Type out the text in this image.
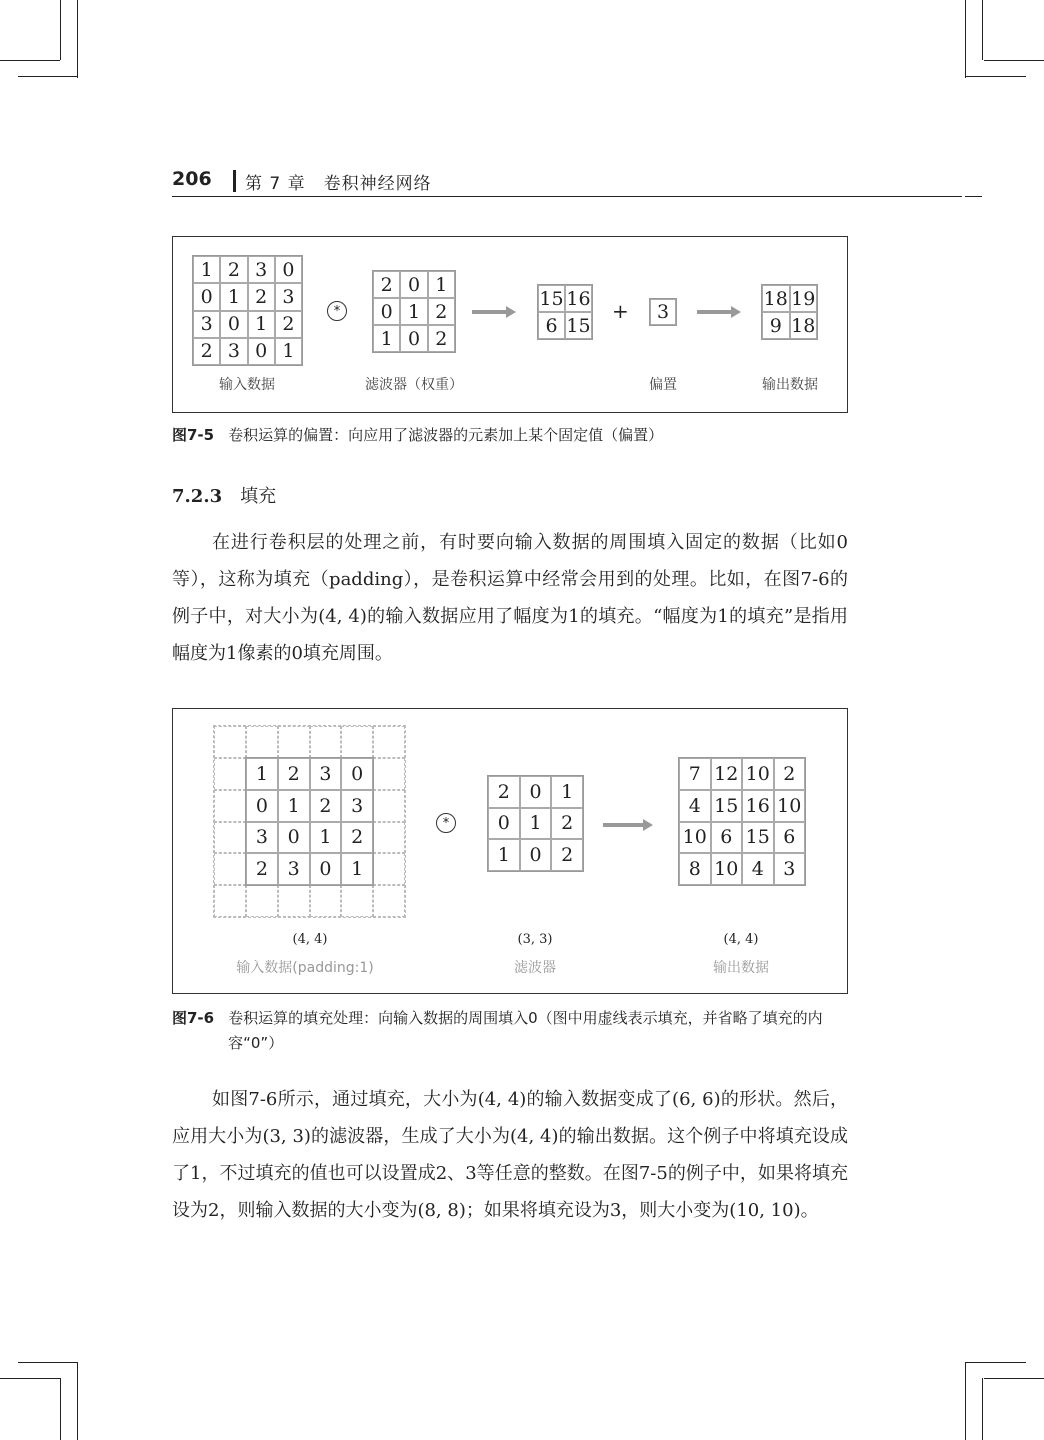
206 第 7 章　卷积神经网络
1 2 3 0
0 1 2 3
3 0 1 2
2 3 0 1
*
2 0 1
0 1 2
1 0 2
15 16
6 15
+	3
18 19
9 18
输入数据	滤波器（权重）	偏置	输出数据
图7-5 卷积运算的偏置：向应用了滤波器的元素加上某个固定值（偏置）
7.2.3 填充
在进行卷积层的处理之前，有时要向输入数据的周围填入固定的数据（比如0等），这称为填充（padding），是卷积运算中经常会用到的处理。比如，在图7-6的例子中，对大小为(4, 4)的输入数据应用了幅度为1的填充。“幅度为1的填充”是指用幅度为1像素的0填充周围。
1	2	3	0
0	1	2	3
3	0	1	2
2	3	0	1
*
2	0	1
0	1	2
1	0	2
7 12 10 2
4 15 16 10
10 6 15 6
8 10 4	3
(4, 4)	(3, 3)	(4, 4)
输入数据(padding:1)	滤波器	输出数据
图7-6 卷积运算的填充处理：向输入数据的周围填入0（图中用虚线表示填充，并省略了填充的内容“0”）
如图7-6所示，通过填充，大小为(4, 4)的输入数据变成了(6, 6)的形状。然后，应用大小为(3, 3)的滤波器，生成了大小为(4, 4)的输出数据。这个例子中将填充设成了1，不过填充的值也可以设置成2、3等任意的整数。在图7-5的例子中，如果将填充设为2，则输入数据的大小变为(8, 8)；如果将填充设为3，则大小变为(10, 10)。
